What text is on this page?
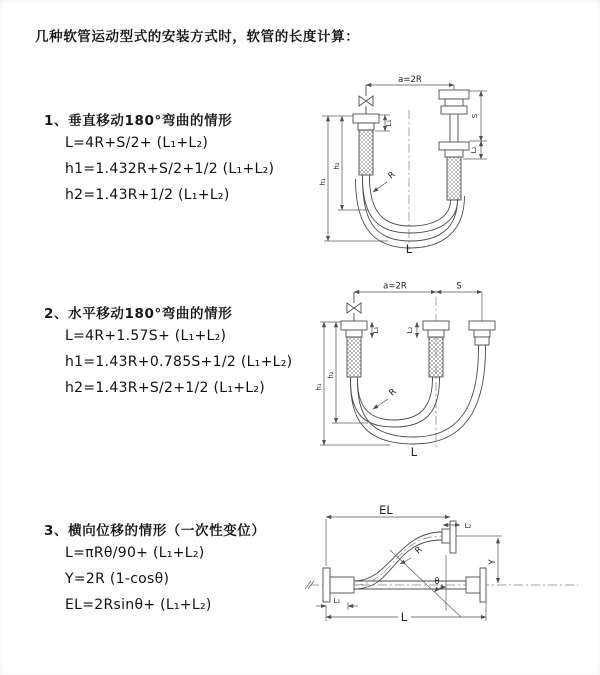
几种软管运动型式的安装方式时，软管的长度计算：

1、垂直移动180°弯曲的情形

L=4R+S/2+ (L₁+L₂)

h1=1.432R+S/2+1/2 (L₁+L₂)

h2=1.43R+1/2 (L₁+L₂)

2、水平移动180°弯曲的情形

L=4R+1.57S+ (L₁+L₂)

h1=1.43R+0.785S+1/2 (L₁+L₂)

h2=1.43R+S/2+1/2 (L₁+L₂)

3、横向位移的情形（一次性变位）

L=πRθ/90+ (L₁+L₂)

Y=2R (1-cosθ)

EL=2Rsinθ+ (L₁+L₂)

a=2R
R
h₁
h₂
L₁
S
L₂
L
a=2R	S
R
h₁
h₂
L₁	L₂
L
EL
L₂
Y
θ
R
L₁
L
